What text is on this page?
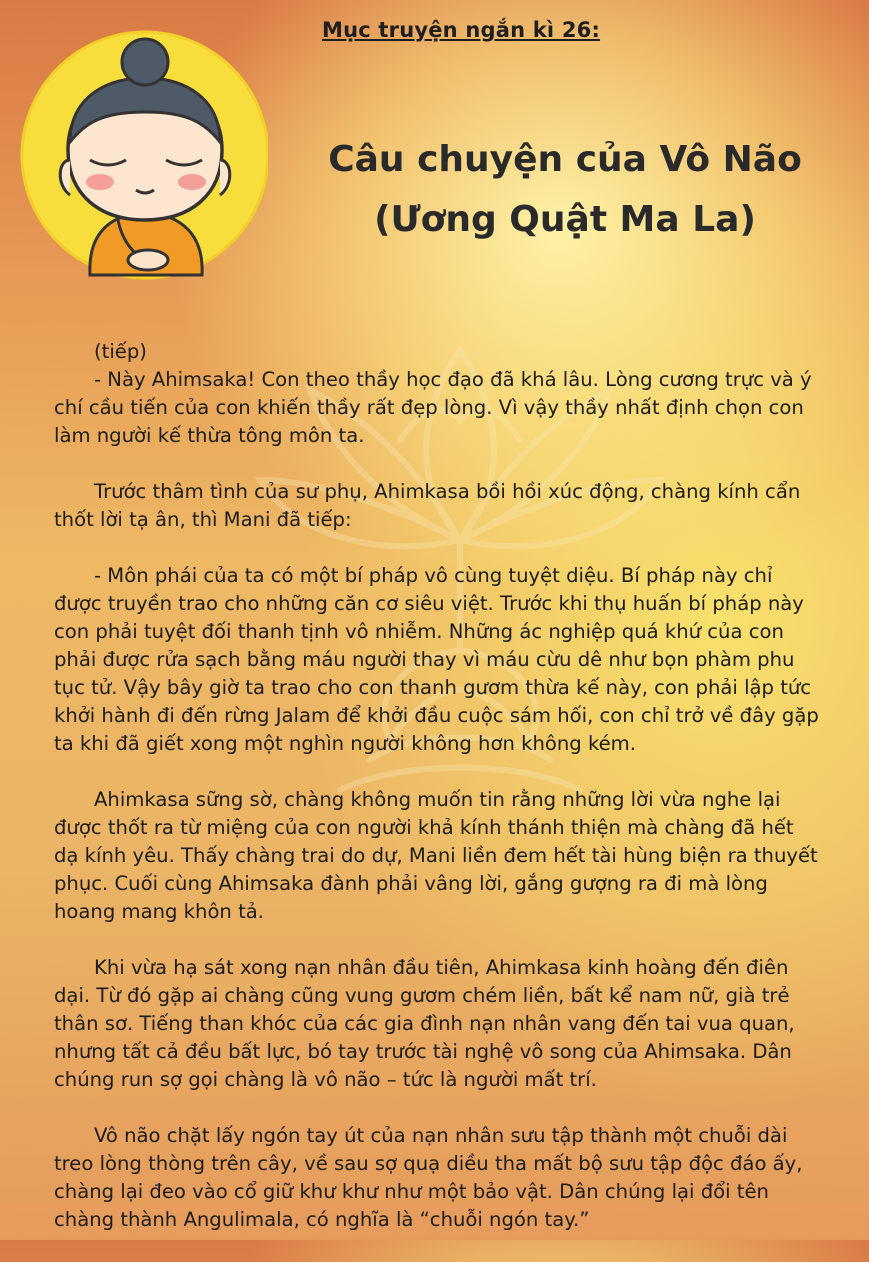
Mục truyện ngắn kì 26:

Câu chuyện của Vô Não
(Ương Quật Ma La)

(tiếp)

- Này Ahimsaka! Con theo thầy học đạo đã khá lâu. Lòng cương trực và ý chí cầu tiến của con khiến thầy rất đẹp lòng. Vì vậy thầy nhất định chọn con làm người kế thừa tông môn ta.

Trước thâm tình của sư phụ, Ahimkasa bồi hồi xúc động, chàng kính cẩn thốt lời tạ ân, thì Mani đã tiếp:

- Môn phái của ta có một bí pháp vô cùng tuyệt diệu. Bí pháp này chỉ được truyền trao cho những căn cơ siêu việt. Trước khi thụ huấn bí pháp này con phải tuyệt đối thanh tịnh vô nhiễm. Những ác nghiệp quá khứ của con phải được rửa sạch bằng máu người thay vì máu cừu dê như bọn phàm phu tục tử. Vậy bây giờ ta trao cho con thanh gươm thừa kế này, con phải lập tức khởi hành đi đến rừng Jalam để khởi đầu cuộc sám hối, con chỉ trở về đây gặp ta khi đã giết xong một nghìn người không hơn không kém.

Ahimkasa sững sờ, chàng không muốn tin rằng những lời vừa nghe lại được thốt ra từ miệng của con người khả kính thánh thiện mà chàng đã hết dạ kính yêu. Thấy chàng trai do dự, Mani liền đem hết tài hùng biện ra thuyết phục. Cuối cùng Ahimsaka đành phải vâng lời, gắng gượng ra đi mà lòng hoang mang khôn tả.

Khi vừa hạ sát xong nạn nhân đầu tiên, Ahimkasa kinh hoàng đến điên dại. Từ đó gặp ai chàng cũng vung gươm chém liền, bất kể nam nữ, già trẻ thân sơ. Tiếng than khóc của các gia đình nạn nhân vang đến tai vua quan, nhưng tất cả đều bất lực, bó tay trước tài nghệ vô song của Ahimsaka. Dân chúng run sợ gọi chàng là vô não – tức là người mất trí.

Vô não chặt lấy ngón tay út của nạn nhân sưu tập thành một chuỗi dài treo lòng thòng trên cây, về sau sợ quạ diều tha mất bộ sưu tập độc đáo ấy, chàng lại đeo vào cổ giữ khư khư như một bảo vật. Dân chúng lại đổi tên chàng thành Angulimala, có nghĩa là “chuỗi ngón tay.”
